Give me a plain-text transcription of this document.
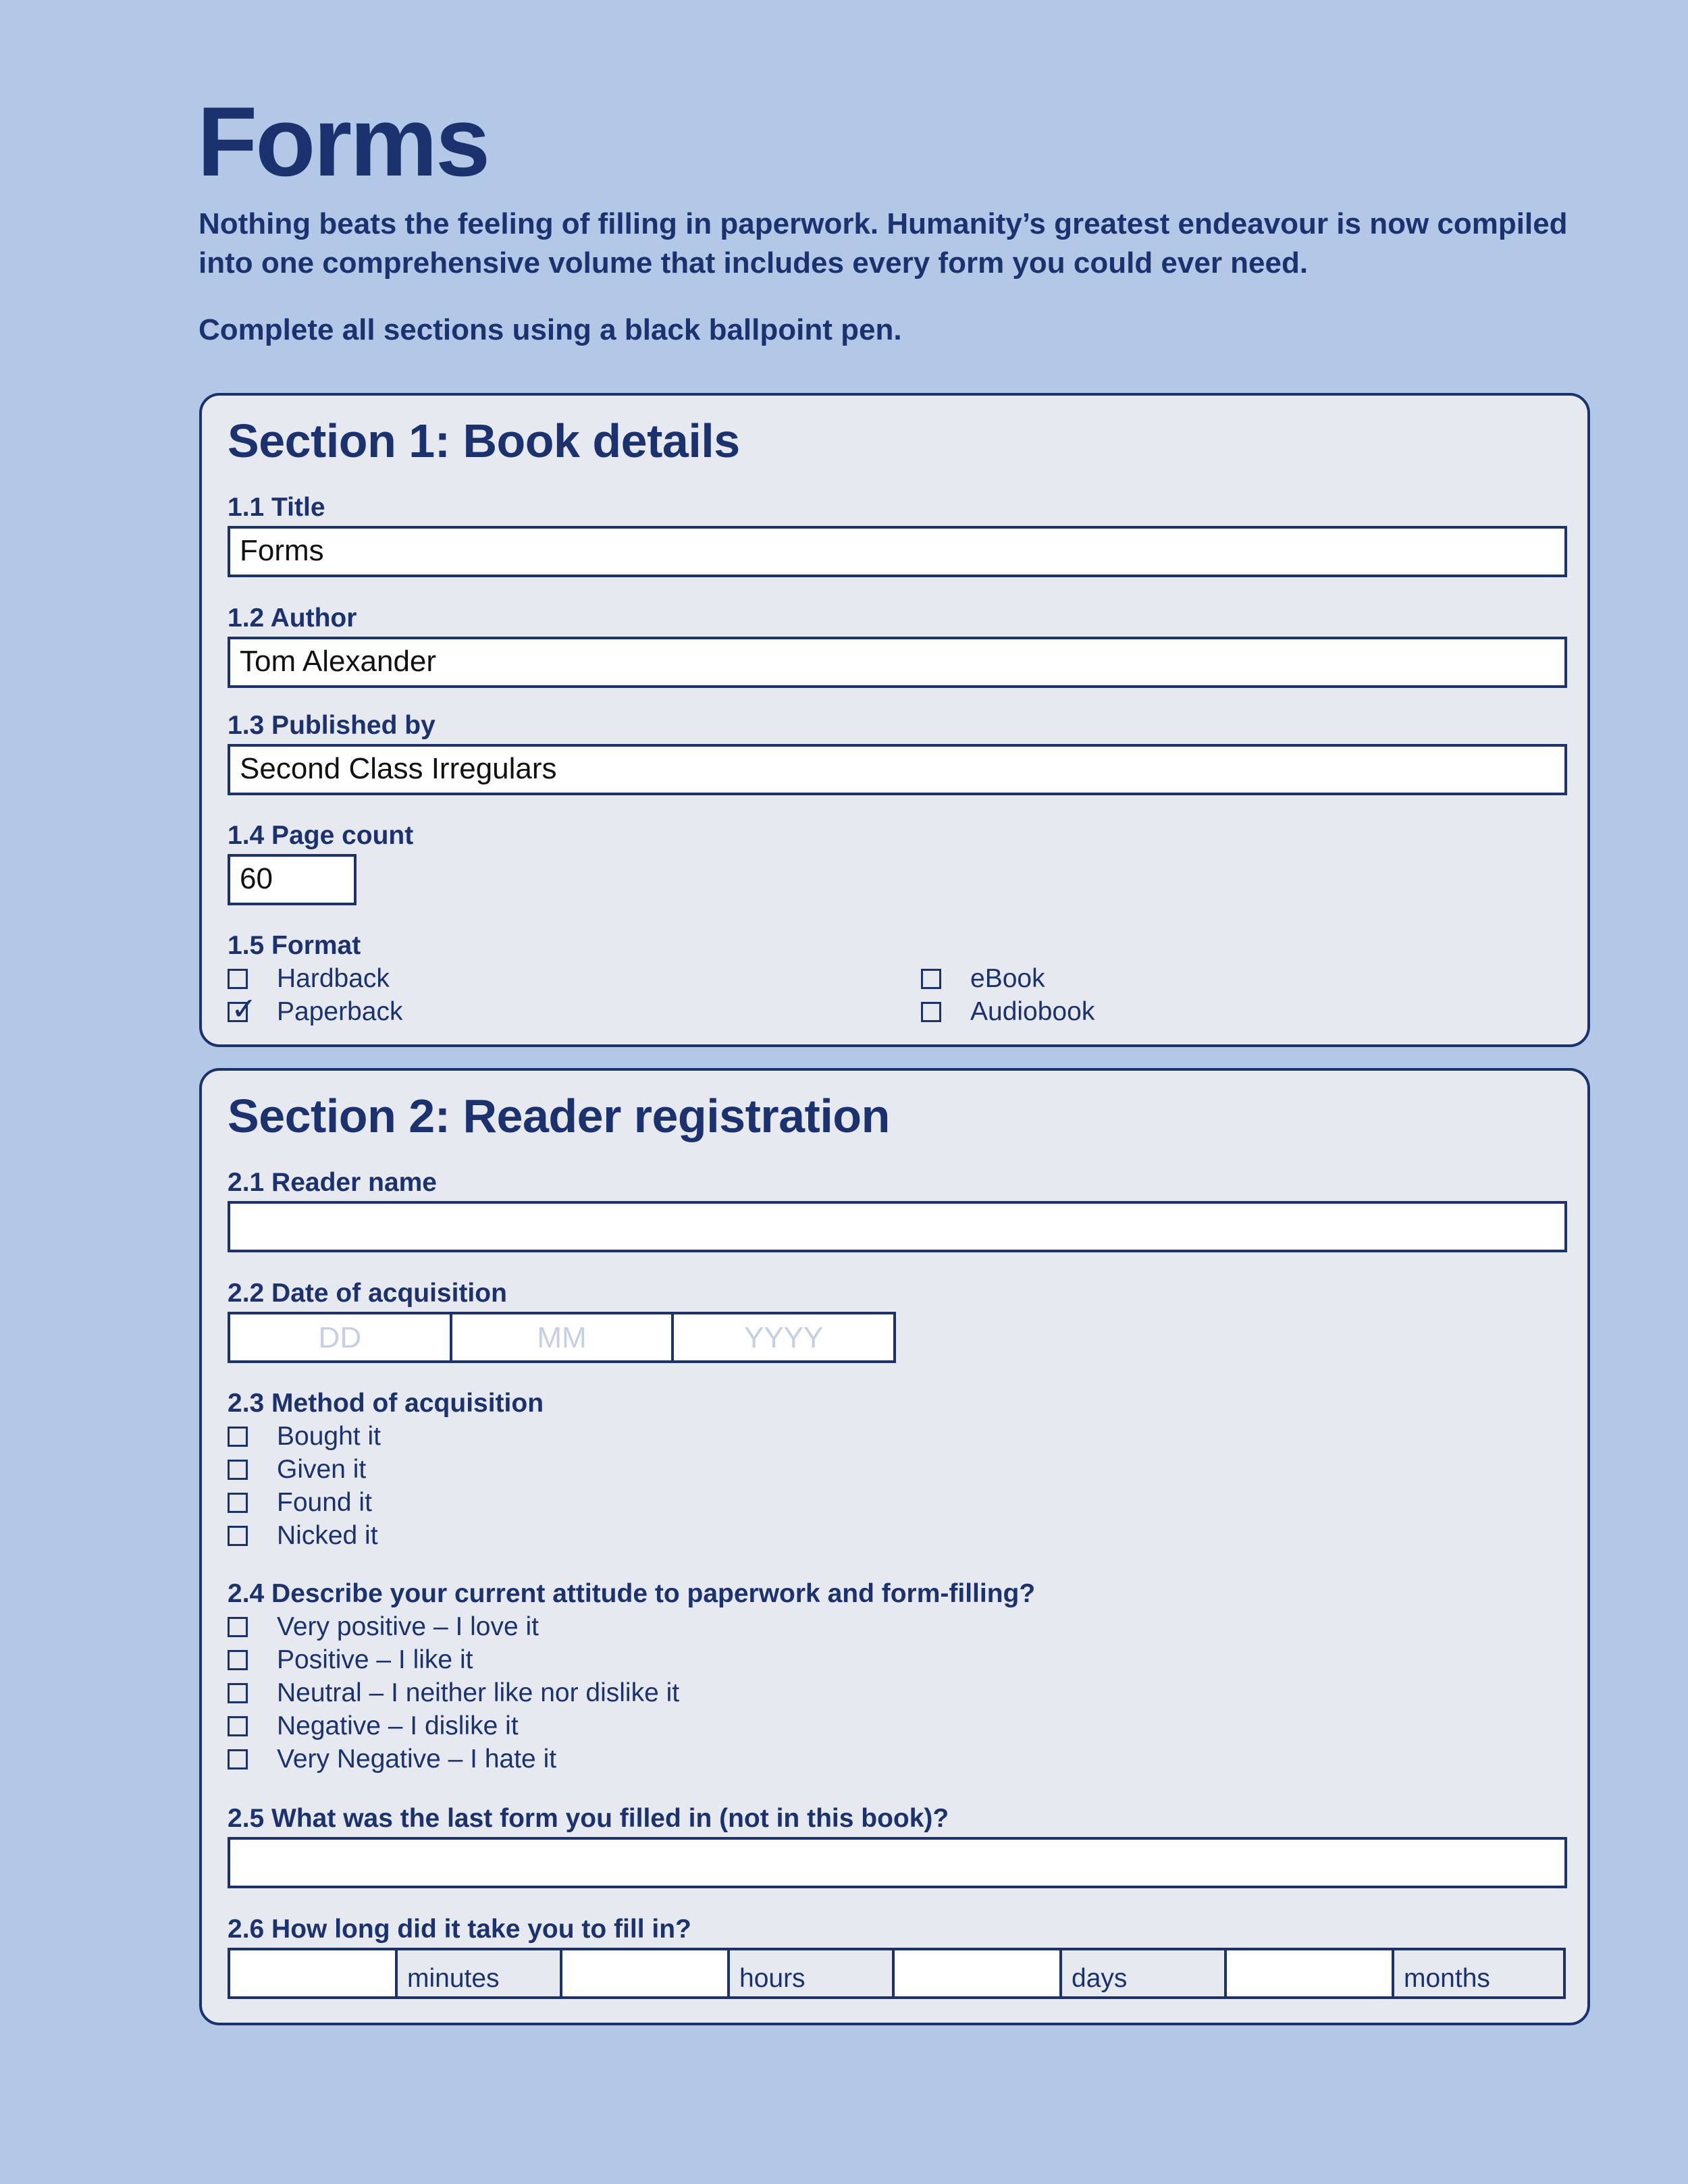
Forms
Nothing beats the feeling of filling in paperwork. Humanity’s greatest endeavour is now compiled into one comprehensive volume that includes every form you could ever need.
Complete all sections using a black ballpoint pen.
Section 1: Book details
1.1 Title
Forms
1.2 Author
Tom Alexander
1.3 Published by
Second Class Irregulars
1.4 Page count
60
1.5 Format
Hardback
✓ Paperback
eBook
Audiobook
Section 2: Reader registration
2.1 Reader name
2.2 Date of acquisition
DD	MM	YYYY
2.3 Method of acquisition
Bought it
Given it
Found it
Nicked it
2.4 Describe your current attitude to paperwork and form-filling?
Very positive – I love it
Positive – I like it
Neutral – I neither like nor dislike it
Negative – I dislike it
Very Negative – I hate it
2.5 What was the last form you filled in (not in this book)?
2.6 How long did it take you to fill in?
minutes	hours	days	months
